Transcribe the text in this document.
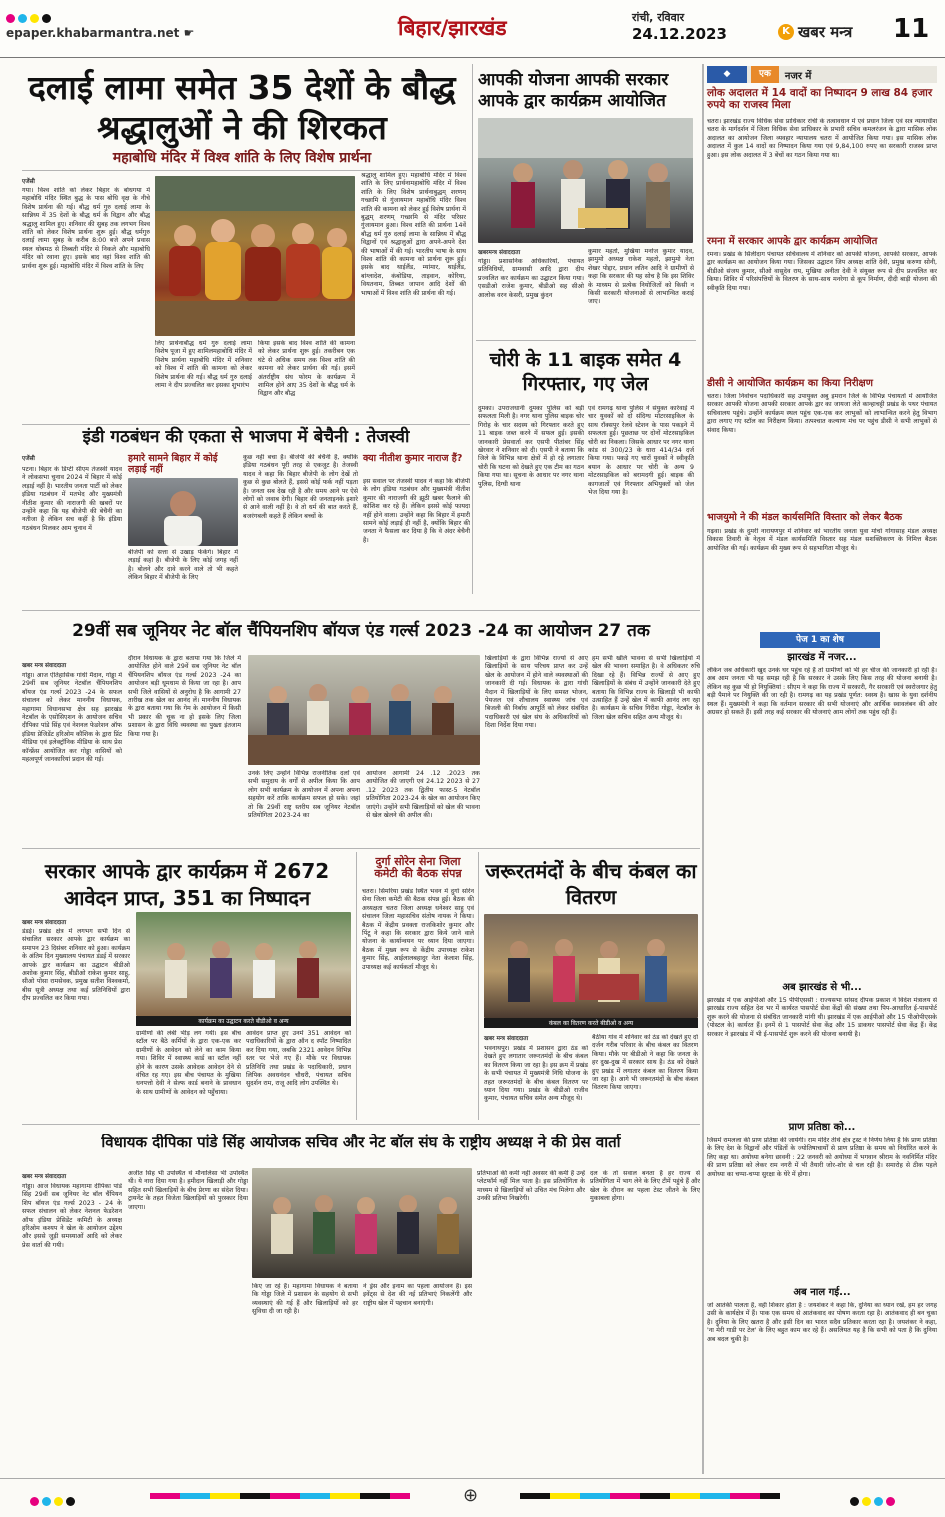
epaper.khabarmantra.net ☛	बिहार/झारखंड	रांची, रविवार
24.12.2023	K खबर मन्त्र 11
दलाई लामा समेत 35 देशों के बौद्ध श्रद्धालुओं ने की शिरकत
महाबोधि मंदिर में विश्व शांति के लिए विशेष प्रार्थना
एजेंसी
गया। विश्व शांति को लेकर बिहार के बोधगया में महाबोधि मंदिर स्थित बुद्ध के पास बोधि वृक्ष के नीचे विशेष प्रार्थना की गई। बौद्ध धर्म गुरु दलाई लामा के सान्निध्य में 35 देशों के बौद्ध धर्म के विद्वान और बौद्ध श्रद्धालु शामिल हुए। शनिवार की सुबह तक लगभग विश्व शांति को लेकर विशेष प्रार्थना शुरू हुई। बौद्ध धर्मगुरु दलाई लामा सुबह के करीब 8:00 बजे अपने प्रवास स्थल थोबमठ से तिब्बती मंदिर से निकले और महाबोधि मंदिर को रवाना हुए। इसके बाद वहां विश्व शांति की प्रार्थना शुरू हुई। महाबोधि मंदिर में विश्व शांति के लिए
लिए प्रार्थनाबौद्ध धर्म गुरु दलाई लामा विशेष पूजा में हुए शामिलमहाबोधि मंदिर में विशेष प्रार्थना महाबोधि मंदिर में शनिवार को विश्व में शांति की कामना को लेकर विशेष प्रार्थना की गई। बौद्ध धर्म गुरु दलाई लामा ने दीप प्रज्वलित कर इसका शुभारंभ
किया इसके बाद विश्व शांति की कामना को लेकर प्रार्थना शुरू हुई। तकरीबन एक घंटे से अधिक समय तक विश्व शांति की कामना को लेकर प्रार्थना की गई। इसमें अंतर्राष्ट्रीय संघ फोरम के कार्यक्रम में शामिल होने आए 35 देशों के बौद्ध धर्म के विद्वान और बौद्ध
श्रद्धालु शामिल हुए। महाबोधि मंदिर में विश्व शांति के लिए प्रार्थनामहाबोधि मंदिर में विश्व शांति के लिए विशेष प्रार्थनाबुद्धम् शरणम् गच्छामि से गुंजायमान महाबोधि मंदिर विश्व शांति की कामना को लेकर हुई विशेष प्रार्थना में बुद्धम् शरणम् गच्छामि से मंदिर परिसर गुंजायमान हुआ। विश्व शांति की प्रार्थना 14वें बौद्ध धर्म गुरु दलाई लामा के सान्निध्य में बौद्ध विद्वानों एवं श्रद्धालुओं द्वारा अपने-अपने देश की भाषाओं में की गई। भारतीय भाषा के साथ विश्व शांति की कामना को प्रार्थना शुरू हुई। इसके बाद थाईलैंड, म्यांमार, थाईलैंड, बांग्लादेश, कंबोडिया, ताइवान, कोरिया, वियतनाम, तिब्बत जापान आदि देशों की भाषाओं में विश्व शांति की प्रार्थना की गई।
आपकी योजना आपकी सरकार आपके द्वार कार्यक्रम आयोजित
खबरमन्त्र संवाददाता
गोड्डा। प्रशासनिक अधिकारियों, पंचायत प्रतिनिधियों, ग्रामवासी आदि द्वारा दीप प्रज्वलित कर कार्यक्रम का उद्घाटन किया गया। एसडीओ राजेश कुमार, बीडीओ सह सीओ आलोक वरन केसरी, प्रमुख कुंदन
कुमार महतो, मुखिया मनोज कुमार यादव, झामुमो अध्यक्ष राकेश महतो, झामुमो नेता शेखर पोद्दार, प्रधान लतिन आदि ने ग्रामीणों से कहा कि सरकार की यह सोच है कि इस शिविर के माध्यम से प्रत्येक नियोजितों को किसी न किसी सरकारी योजनाओं से लाभान्वित कराई जाए।
चोरी के 11 बाइक समेत 4 गिरफ्तार, गए जेल
दुमका। उपराजधानी दुमका पुलिस को बड़ी सफलता मिली है। नगर थाना पुलिस बाइक चोर गिरोह के चार सदस्य को गिरफ्तार करते हुए 11 बाइक जब्त करने में सफल हुई। इसकी जानकारी प्रेसवार्ता कर एसपी पीतांबर सिंह खेरवार ने शनिवार को दी। एसपी ने बताया कि जिले के विभिन्न थाना क्षेत्रों में हो रहे लगातार चोरी कि घटना को देखते हुए एक टीम का गठन किया गया था। सूचना के आधार पर नगर थाना पुलिस, दिग्घी थाना
एवं रामगढ़ थाना पुलिस ने संयुक्त कार्रवाई में चार युवकों को दो संदिग्ध मोटरसाइकिल के साथ रॉक्सपुर रेलवे स्टेशन के पास पकड़ने में सफलता हुई। पूछताछ पर दोनों मोटरसाइकिल चोरी का निकला। जिसके आधार पर नगर थाना कांड सं 300/23 के धारा 414/34 दर्ज किया गया। पकड़े गए चारों युवकों ने स्वीकृति बयान के आधार पर चोरी के अन्य 9 मोटरसाइकिल को बरामदगी हुई। बाइक की कागजातों एवं गिरफ्तार अभियुक्तों को जेल भेज दिया गया है।
इंडी गठबंधन की एकता से भाजपा में बेचैनी : तेजस्वी
एजेंसी
पटना। बिहार के डिप्टी सीएम तेजस्वी यादव ने लोकसभा चुनाव 2024 में बिहार में कोई लड़ाई नहीं है। भारतीय जनता पार्टी को लेकर इंडिया गठबंधन में मतभेद और मुख्यमंत्री नीतीश कुमार की नाराजगी की खबरों पर उन्होंने कहा कि यह बीजेपी की बेचैनी का नतीजा है लेकिन सच कहीं है कि इंडिया गठबंधन मिलकर आम चुनाव में
हमारे सामने बिहार में कोई लड़ाई नहीं
बीजेपी को सत्ता से उखाड़ फेंकेंगे। बिहार में लड़ाई कहां है। बीजेपी के लिए कोई जगह नहीं है। बोलने और दावे करने वाले तो भी कहते लेकिन बिहार में बीजेपी के लिए
कुछ नहीं बचा है। बीजेपी की बेचैनी है, क्योंकि इंडिया गठबंधन पूरी तरह से एकजुट है। तेजस्वी यादव ने कहा कि बिहार बीजेपी के लोग देखें तो कुछ से कुछ बोलते हैं, इससे कोई फर्क नहीं पड़ता है। जनता सब देख रही है और समय आने पर ऐसे लोगों को जवाब देगी। बिहार की जनताइनके इशारे से आने वाली नहीं है। वे तो धर्म की बात करते हैं, बजरंगबली कहते हैं लेकिन बच्चों के
क्या नीतीश कुमार नाराज हैं?
इस सवाल पर तेजस्वी यादव ने कहा कि बीजेपी के लोग इंडिया गठबंधन और मुख्यमंत्री नीतीश कुमार की नाराजगी की झूठी खबर फैलाने की कोशिश कर रहे हैं। लेकिन इससे कोई फायदा नहीं होने वाला। उन्होंने कहा कि बिहार में हमारी सामने कोई लड़ाई ही नहीं है, क्योंकि बिहार की जनता ने फैसला कर दिया है कि वे अंदर बेचैनी है।
29वीं सब जूनियर नेट बॉल चैंपियनशिप बॉयज एंड गर्ल्स 2023 -24 का आयोजन 27 तक
खबर मन्त्र संवाददाता
गोड्डा। आज ऐतिहासिक गांधी मैदान, गोड्डा में 29वीं सब जूनियर नेटबॉल चैंपियनशिप बॉयज एंड गर्ल्स 2023 -24 के सफल संचालन को लेकर माननीय विधायक, महागामा विधानसभा क्षेत्र सह झारखंड नेटबॉल के एसोसिएशन के आयोजन सचिव दीपिका पांडे सिंह एवं नेशनल फेडरेशन ऑफ इंडिया प्रेजिडेंट हरिओम कौशिक के द्वारा प्रिंट मीडिया एवं इलेक्ट्रॉनिक मीडिया के साथ प्रेस कॉन्फ्रेंस आयोजित कर गोड्डा वासियों को महत्वपूर्ण जानकारियां प्रदान की गई।
दौरान विधायक के द्वारा बताया गया कि जिले में आयोजित होने वाले 29वें सब जूनियर नेट बॉल चैंपियनशिप बॉयज एंड गर्ल्स 2023 -24 का आयोजन बड़ी धूमधाम से किया जा रहा है। आप सभी जिले वासियों से अनुरोध है कि आगामी 27 तारीख तक खेल का आनंद लें। माननीय विधायक के द्वारा बताया गया कि गेम के आयोजन में किसी भी प्रकार की चूक ना हो इसके लिए जिला प्रशासन के द्वारा विधि व्यवस्था का पुख्ता इंतजाम किया गया है।
उनके लिए उन्होंने विभिन्न राजनीतिक दलों एवं सभी समुदाय के वर्गों से अपील किया कि आप लोग सभी कार्यक्रम के आयोजन में अपना अपना सहयोग करें ताकि कार्यक्रम सफल हो सके। जहां तो कि 29वीं राष्ट्र स्तरीय सब जूनियर नेटबॉल प्रतियोगिता 2023-24 का
आयोजन आगामी 24 .12 .2023 तक आयोजित की जाएगी एवं 24.12 2023 से 27 .12 2023 तक द्वितीय फास्ट-5 नेटबॉल प्रतियोगिता 2023-24 के खेल का आयोजन किए जाएंगे। उन्होंने सभी खिलाड़ियों को खेल की भावना से खेल खेलने की अपील की।
खिलाड़ियों के द्वारा विभिन्न राज्यों से आए खिलाड़ियों के साथ परिचय प्राप्त कर उन्हें खेल के आयोजन में होने वाले व्यवस्थाओं की जानकारी दी गई। विधायक के द्वारा गांधी मैदान में खिलाड़ियों के लिए समस्त भोजन, पेयजल एवं शौचालय स्वास्थ्य जांच एवं बिजली की निर्बाध आपूर्ति को लेकर संबंधित पदाधिकारी एवं खेल संघ के अधिकारियों को दिशा निर्देश दिया गया।
हम सभी खेलि भावना से सभी खिलाड़ियों में खेल की भावना समाहित है। वे अधिकतर रुचि दिखा रहे हैं। विभिन्न राज्यों से आए हुए खिलाड़ियों के संबंध में उन्होंने जानकारी देते हुए बताया कि विभिन्न राज्य के खिलाड़ी भी काफी उत्साहित हैं उन्हें खेल में काफी आनंद लग रहा है। कार्यक्रम के सचिव गिरीश गोड्डा, नेटबॉल के जिला खेल सचिव सहित अन्य मौजूद थे।
सरकार आपके द्वार कार्यक्रम में 2672 आवेदन प्राप्त, 351 का निष्पादन
खबर मन्त्र संवाददाता
डंडई। प्रखंड क्षेत्र में लगभग सभी दिन से संचालित सरकार आपके द्वार कार्यक्रम का समापन 23 दिसंबर शनिवार को हुआ। कार्यक्रम के अंतिम दिन मुख्यालय पंचायत डंडई में सरकार आपके द्वार कार्यक्रम का उद्घाटन बीडीओ अशोक कुमार सिंह, बीडीओ राकेश कुमार साहू, सीओ पोसा रामसेवक, प्रमुख सतीश विश्वकर्मा, बीस सूत्री अध्यक्ष तथा कई प्रतिनिधियों द्वारा दीप प्रज्वलित कर किया गया।
कार्यक्रम का उद्घाटन करते बीडीओ व अन्य
ग्रामीणों की लंबी भीड़ लग गयी। इस बीच स्टॉल पर बैठे कर्मियों के द्वारा एक-एक कर ग्रामीणों के आवेदन को लेने का काम किया गया। शिविर में स्वास्थ्य कार्ड का स्टॉल नहीं होने के कारण उसके आवेदक आवेदन देने से वंचित रह गए। इस बीच पंचायत के मुखिया धनपत्तो देवी ने सेल्फ कार्ड बनाने के प्रावधान के साथ ग्रामीणों के आवेदन को पहुँचाया।
आवेदन प्राप्त हुए उनमें 351 आवेदन को पदाधिकारियों के द्वारा ऑन द स्पॉट निष्पादित कर दिया गया, जबकि 2321 आवेदन विभिन्न स्तर पर भेजे गए हैं। मौके पर विधायक प्रतिनिधि तथा प्रखंड के पदाधिकारी, प्रधान लिपिक अवधनंदन चौधरी, पंचायत सचिव सुदर्शन राम, राजू आदि लोग उपस्थित थे।
दुर्गा सोरेन सेना जिला कमेटी की बैठक संपन्न
चतरा। सिमरिया प्रखंड स्थित भवन में दुर्गा सोरेन सेना जिला कमेटी की बैठक संपन्न हुई। बैठक की अध्यक्षता चतरा जिला अध्यक्ष धनेश्वर साहु एवं संचालन जिला महासचिव संतोष नायक ने किया। बैठक में केंद्रीय प्रवक्ता राजकिशोर कुमार और पिंटू ने कहा कि सरकार द्वारा किये जाने वाले योजना के कार्यान्वयन पर ध्यान दिया जाएगा। बैठक में मुख्य रूप से केंद्रीय उपाध्यक्ष राकेश कुमार सिंह, आईलालबहादुर नेता केलाश सिंह, उपाध्यक्ष कई कार्यकर्ता मौजूद थे।
जरूरतमंदों के बीच कंबल का वितरण
कंबल का वितरण करते बीडीओ व अन्य
खबर मन्त्र संवाददाता
भवनाथपुर। प्रखंड में प्रशासन द्वारा ठंड को देखते हुए लगातार जरूरतमंदों के बीच कंबल का वितरण किया जा रहा है। इस क्रम में प्रखंड के सभी पंचायत में मुख्यमंत्री निधि योजना के तहत जरूरतमंदों के बीच कंबल वितरण पर ध्यान दिया गया। प्रखंड के बीडीओ राजीव कुमार, पंचायत सचिव समेत अन्य मौजूद थे।
बैठीया गांव में शनिवार को ठंड को देखते हुए दो दर्जन गरीब परिवार के बीच कंबल का वितरण किया। मौके पर बीडीओ ने कहा कि जनता के हर दुख-दुख में सरकार साथ है। ठंड को देखते हुए प्रखंड में लगातार कंबल का वितरण किया जा रहा है। आगे भी जरूरतमंदों के बीच कंबल वितरण किया जाएगा।
विधायक दीपिका पांडे सिंह आयोजक सचिव और नेट बॉल संघ के राष्ट्रीय अध्यक्ष ने की प्रेस वार्ता
खबर मन्त्र संवाददाता
गोड्डा। आज विधायक महागामा दीपिका पांडे सिंह 29वीं सब जूनियर नेट बॉल चैंपियन शिप बॉयज एंड गर्ल्स 2023 - 24 के सफल संचालन को लेकर नेशनल फेडरेशन ऑफ इंडिया प्रेसिडेंट कमिटी के अध्यक्ष हरिओम कश्यप ने खेल के आयोजन उद्देश्य और इससे जुड़ी समस्याओं आदि को लेकर प्रेस वार्ता की गयी।
अजीत सिंह भी उपस्थित थे मौनालिसा भी उपस्थित थी। ये नारा दिया गया है। हमीदान खिलाड़ी और गोड्डा सहित सभी खिलाड़ियों के बीच प्रेरणा का संदेश दिया। ट्रायनेंट के तहत विजेता खिलाड़ियों को पुरस्कार दिया जाएगा।
किए जा रहे हैं। महागामा विधायक ने बताया कि गोड्डा जिले में प्रशासन के सहयोग से सभी व्यवस्थाएं की गई हैं और खिलाड़ियों को हर सुविधा दी जा रही है।
ने ड्रेस और इनाम का पहला आयोजन है। इस इवेंट्स से देश की नई प्रतिभाएं निकलेंगी और राष्ट्रीय खेल में पहचान बनाएंगी।
प्रतिभाओं की कमी नहीं अवसर की कमी है उन्हें प्लेटफॉर्म नहीं मिल पाता है। इस प्रतियोगिता के माध्यम से खिलाड़ियों को उचित मंच मिलेगा और उनकी प्रतिभा निखरेगी।
दल के तो सवाल बनता है हर राज्य से प्रतियोगिता में भाग लेने के लिए टीमें पहुंचे हैं और खेल के दौरान का पहला टेस्ट जीतने के लिए मुकाबला होगा।
◆	एक	नजर में
लोक अदालत में 14 वादों का निष्पादन 9 लाख 84 हजार रुपये का राजस्व मिला
चतरा। झारखंड राज्य विधिक सेवा प्राधिकार रांची के तत्वावधान में एवं प्रधान जिला एवं सत्र न्यायाधीश चतरा के मार्गदर्शन में जिला विधिक सेवा प्राधिकार के प्रभारी सचिव कमलरंजन के द्वारा मासिक लोक अदालत का आयोजन जिला व्यवहार न्यायालय चतरा में आयोजित किया गया। इस मासिक लोक अदालत में कुल 14 वादों का निष्पादन किया गया एवं 9,84,100 रुपए का सरकारी राजस्व प्राप्त हुआ। इस लोक अदालत में 3 बेंचों का गठन किया गया था।
रमना में सरकार आपके द्वार कार्यक्रम आयोजित
रमना। प्रखंड के सिलीदाग पंचायत सचिवालय में शनिवार को आपकी योजना, आपकी सरकार, आपके द्वार कार्यक्रम का आयोजन किया गया। जिसका उद्घाटन जिप अध्यक्ष शांति देवी, प्रमुख करुणा सोनी, बीडीओ संजय कुमार, सीओ वासुदेव राय, मुखिया अनीता देवी ने संयुक्त रूप से दीप प्रज्वलित कर किया। शिविर में परिसंपत्तियों के वितरण के साथ-साथ मनरेगा से कूप निर्माण, दीदी बाड़ी योजना की स्वीकृति दिया गया।
डीसी ने आयोजित कार्यक्रम का किया निरीक्षण
चतरा। जिला निर्वाचन पदाधिकारी सह उपायुक्त अबु इमरान जिले के विभिन्न पंचायतों में आयोजित सरकार आपकी योजना आपकी सरकार आपके द्वार का जायजा लेते कान्हाचट्टी प्रखंड के पथर पंचायत सचिवालय पहुंचे। उन्होंने कार्यक्रम स्थल पहुंच एक-एक कर लाभुकों को लाभान्वित करने हेतु विभाग द्वारा लगाए गए स्टॉल का निरीक्षण किया। तत्पश्चात कल्याण मंच पर पहुंच डीसी ने सभी लाभुकों से संवाद किया।
भाजयुमो ने की मंडल कार्यसमिति विस्तार को लेकर बैठक
गढ़वा। प्रखंड के दुमरी नारायणपुर में शनिवार को भारतीय जनता युवा मोर्चा गोंगासाह मंडल अध्यक्ष विकास तिवारी के नेतृत्व में मंडल कार्यसमिति विस्तार सह मंडल सशक्तिकरण के निमित्त बैठक आयोजित की गई। कार्यक्रम की मुख्य रूप से सहभागिता मौजूद थे।
पेज 1 का शेष
झारखंड में नजर...
लेकिन जब अधिकारी खुद उनके घर पहुंच रहे हैं तो ग्रामीणों को भी हर चीज की जानकारी हो रही है। अब आम जनता भी यह समझ रही है कि सरकार ने उसके लिए किस तरह की योजना बनायी है। लेकिन वह कुछ भी हो नियुक्तियां : सीएम ने कहा कि राज्य में सरकारी, गैर सरकारी एवं स्वरोजगार हेतु बड़ी पैमाने पर नियुक्ति की जा रही है। रामगढ़ का यह प्रखंड पूर्णत: स्वस्थ है। खास के युवा दर्शनीय स्थल हैं। मुख्यमंत्री ने कहा कि वर्तमान सरकार की सभी योजनाएं और आर्थिक स्वावलंबन की ओर अग्रसर हो सकते हैं। इसी तरह कई सरकार की योजनाएं आम लोगों तक पहुंच रही हैं।
अब झारखंड से भी...
झारखंड में एक आईपीओ और 15 पीपीएससी : राज्यसभा सांसद दीपक प्रकाश ने विदेश मंत्रालय से झारखंड राज्य सहित देश भर में कार्यरत पासपोर्ट सेवा केंद्रों की संख्या तथा पिप-आधारित ई-पासपोर्ट शुरू करने की योजना से संबंधित जानकारी मांगी थी। झारखंड में एक आईपीओ और 15 पीओपीएसके (पोस्टल के) कार्यरत हैं। इनमें से 1 पासपोर्ट सेवा केंद्र और 15 डाकघर पासपोर्ट सेवा केंद्र हैं। केंद्र सरकार ने झारखंड में भी ई-पासपोर्ट शुरू करने की योजना बनायी है।
प्राण प्रतिष्ठा को...
जिसमें रामलला की प्राण प्रतिष्ठा की जायेगी। राम मंदिर तीर्थ क्षेत्र ट्रस्ट ने निर्णय लिया है कि प्राण प्रतिष्ठा के लिए देश के विद्वानों और पंडितों के ज्योतिषाचार्यों से प्राण प्रतिष्ठा के समय को निर्धारित करने के लिए कहा था। अयोध्या बनेगा छावनी : 22 जनवरी को अयोध्या में भगवान श्रीराम के नवनिर्मित मंदिर की प्राण प्रतिष्ठा को लेकर राम नगरी में भी तैयारी जोर-शोर से चल रही है। समारोह से ठीक पहले अयोध्या का चप्पा-चप्पा सुरक्षा के घेरे में होगा।
अब नाल गई...
जो आतंकी पालता है, वही शिकार होता है : जयशंकर ने कहा कि, दुनिया का ध्यान रखें, हम हर जगह उसी के कार्यक्षेत्र में हैं। पाक एक समय से आतंकवाद का पोषण करता रहा है। आतंकवाद ही बन चुका है। दुनिया के लिए खतरा है और इसी दिन का भारत सदैव प्रतिकार करता रहा है। जयशंकर ने कहा, 'ना मेरी गाडी पर टेल' के लिए बहुत काम कर रहे हैं। असलियत यह है कि सभी को पता है कि दुनिया अब बदल चुकी है।
⊕
